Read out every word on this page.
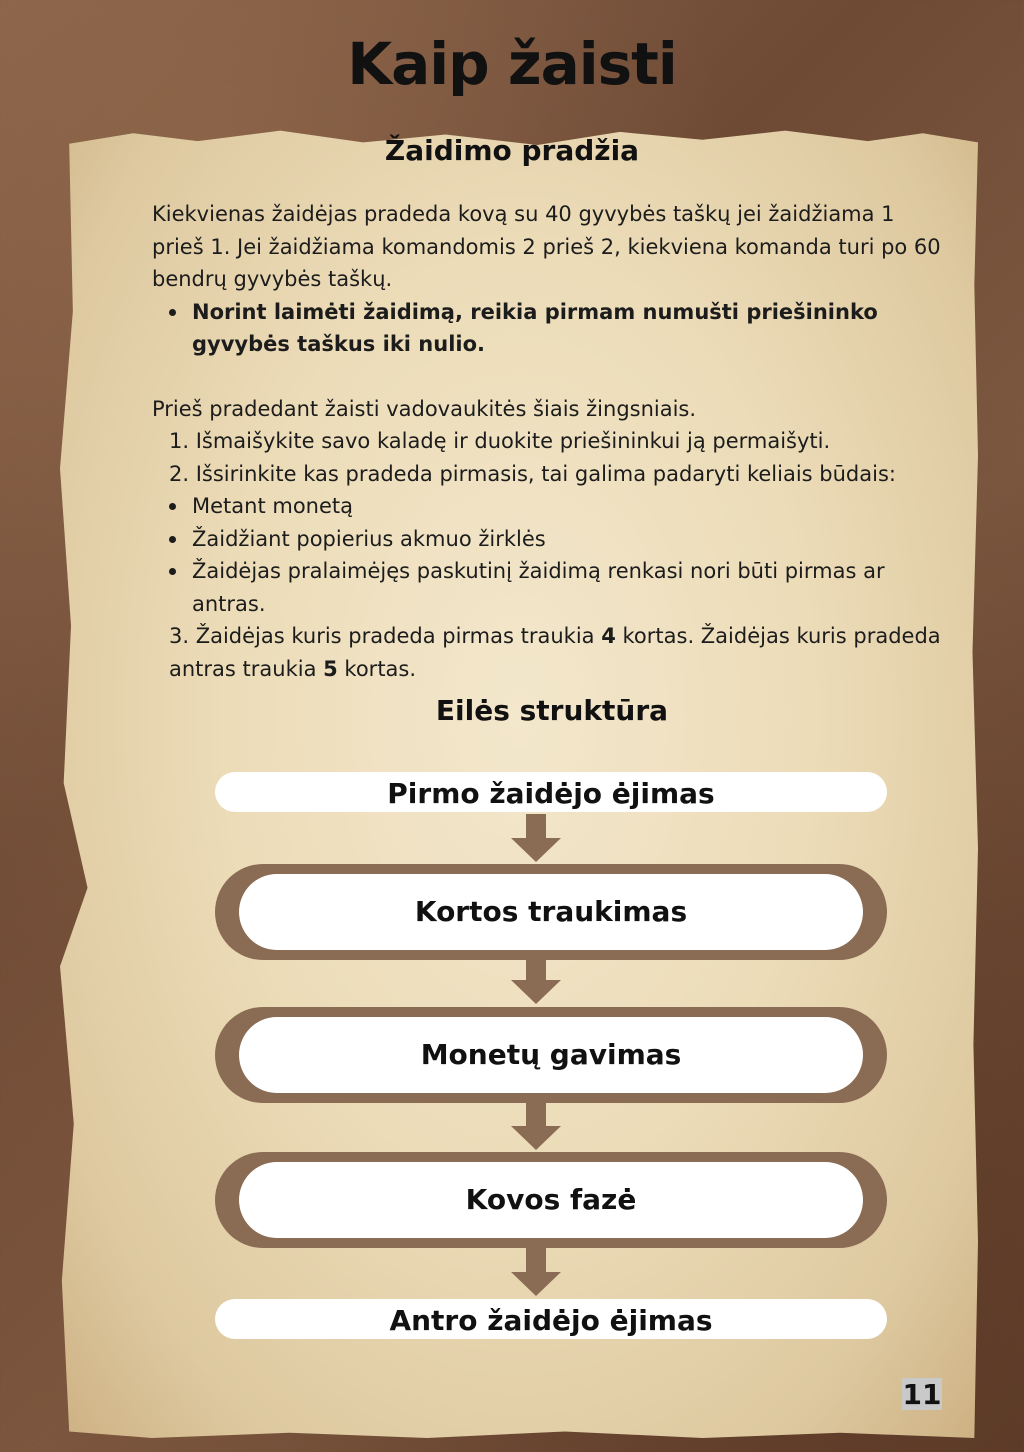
Kaip žaisti
Žaidimo pradžia

Kiekvienas žaidėjas pradeda kovą su 40 gyvybės taškų jei žaidžiama 1 prieš 1. Jei žaidžiama komandomis 2 prieš 2, kiekviena komanda turi po 60 bendrų gyvybės taškų.

Norint laimėti žaidimą, reikia pirmam numušti priešininko gyvybės taškus iki nulio.

Prieš pradedant žaisti vadovaukitės šiais žingsniais.

1. Išmaišykite savo kaladę ir duokite priešininkui ją permaišyti.

2. Išsirinkite kas pradeda pirmasis, tai galima padaryti keliais būdais:

Metant monetą
Žaidžiant popierius akmuo žirklės
Žaidėjas pralaimėjęs paskutinį žaidimą renkasi nori būti pirmas ar antras.

3. Žaidėjas kuris pradeda pirmas traukia 4 kortas. Žaidėjas kuris pradeda antras traukia 5 kortas.

Eilės struktūra
Pirmo žaidėjo ėjimas
Kortos traukimas
Monetų gavimas
Kovos fazė
Antro žaidėjo ėjimas
11
